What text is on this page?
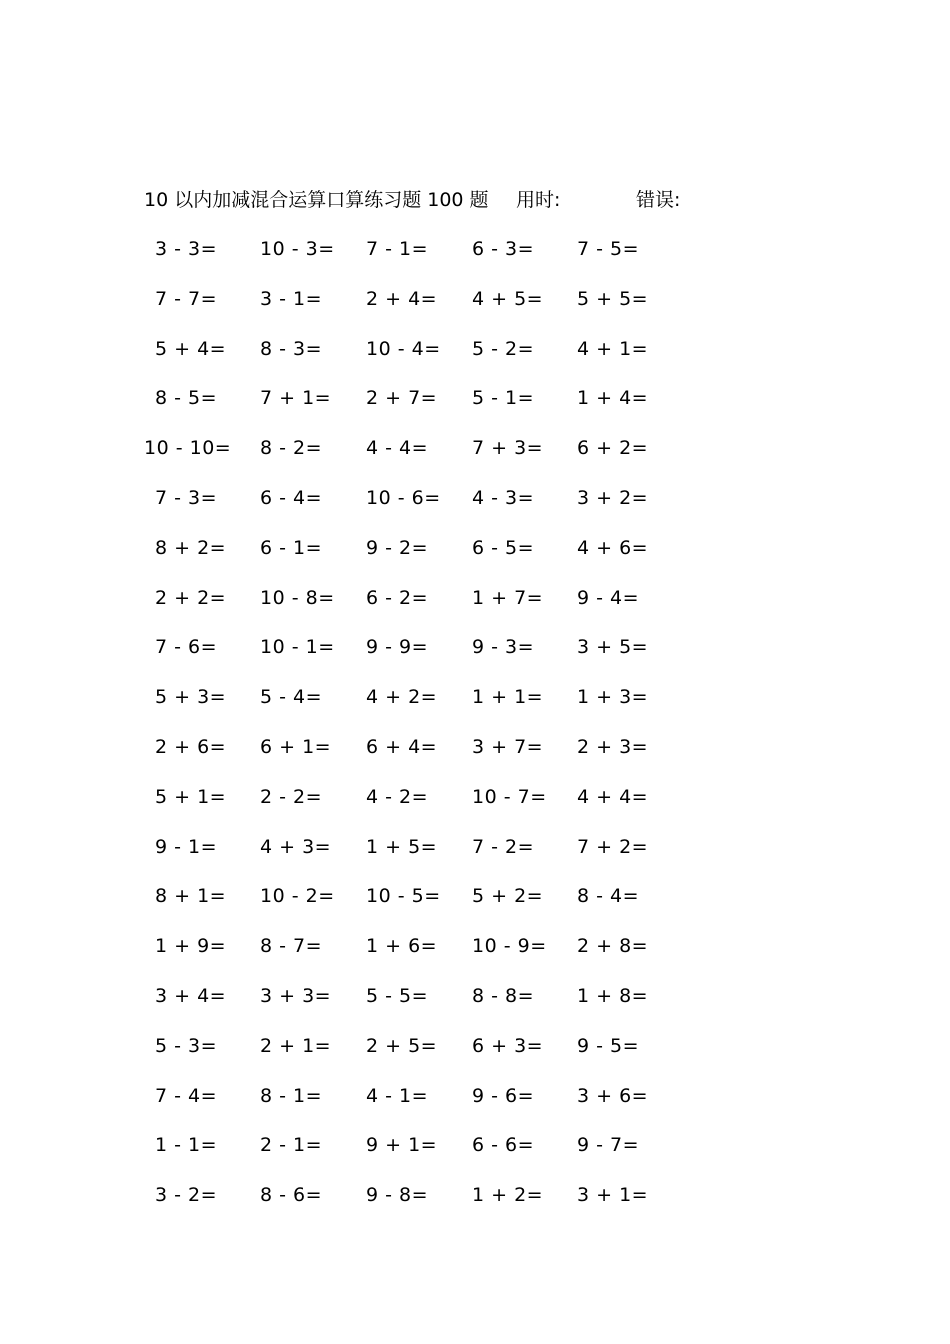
10 以内加减混合运算口算练习题 100 题 用时:	错误:
3 - 3= 10 - 3= 7 - 1= 6 - 3= 7 - 5=
7 - 7= 3 - 1= 2 + 4= 4 + 5= 5 + 5=
5 + 4= 8 - 3= 10 - 4= 5 - 2= 4 + 1=
8 - 5= 7 + 1= 2 + 7= 5 - 1= 1 + 4=
10 - 10= 8 - 2= 4 - 4= 7 + 3= 6 + 2=
7 - 3= 6 - 4= 10 - 6= 4 - 3= 3 + 2=
8 + 2= 6 - 1= 9 - 2= 6 - 5= 4 + 6=
2 + 2= 10 - 8= 6 - 2= 1 + 7= 9 - 4=
7 - 6= 10 - 1= 9 - 9= 9 - 3= 3 + 5=
5 + 3= 5 - 4= 4 + 2= 1 + 1= 1 + 3=
2 + 6= 6 + 1= 6 + 4= 3 + 7= 2 + 3=
5 + 1= 2 - 2= 4 - 2= 10 - 7= 4 + 4=
9 - 1= 4 + 3= 1 + 5= 7 - 2= 7 + 2=
8 + 1= 10 - 2= 10 - 5= 5 + 2= 8 - 4=
1 + 9= 8 - 7= 1 + 6= 10 - 9= 2 + 8=
3 + 4= 3 + 3= 5 - 5= 8 - 8= 1 + 8=
5 - 3= 2 + 1= 2 + 5= 6 + 3= 9 - 5=
7 - 4= 8 - 1= 4 - 1= 9 - 6= 3 + 6=
1 - 1= 2 - 1= 9 + 1= 6 - 6= 9 - 7=
3 - 2= 8 - 6= 9 - 8= 1 + 2= 3 + 1=
